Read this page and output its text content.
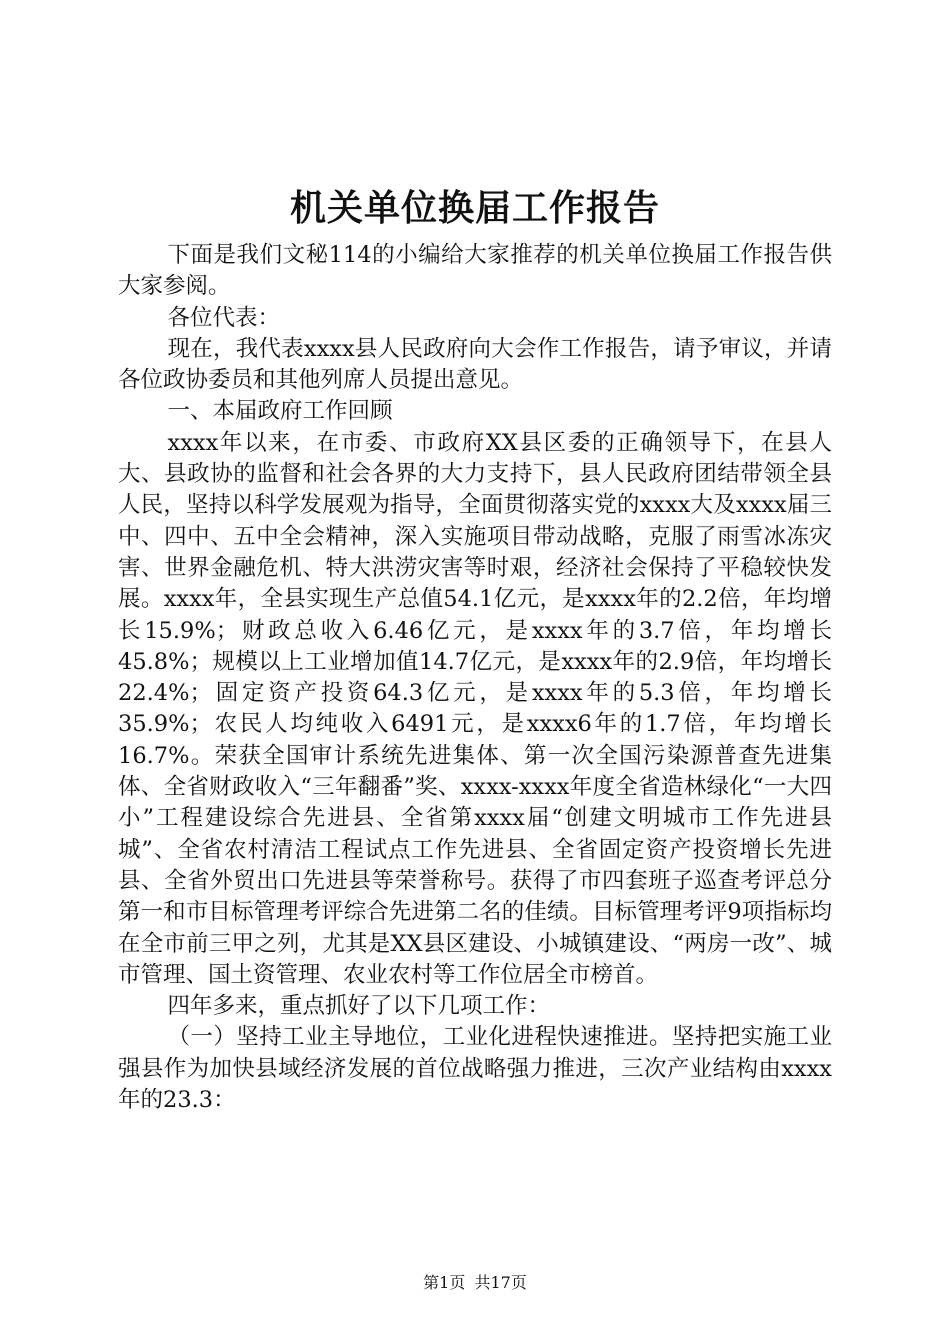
机关单位换届工作报告

下面是我们文秘114的小编给大家推荐的机关单位换届工作报告供大家参阅。

各位代表：

现在，我代表xxxx县人民政府向大会作工作报告，请予审议，并请各位政协委员和其他列席人员提出意见。

一、本届政府工作回顾

xxxx年以来，在市委、市政府XX县区委的正确领导下，在县人大、县政协的监督和社会各界的大力支持下，县人民政府团结带领全县人民，坚持以科学发展观为指导，全面贯彻落实党的xxxx大及xxxx届三中、四中、五中全会精神，深入实施项目带动战略，克服了雨雪冰冻灾害、世界金融危机、特大洪涝灾害等时艰，经济社会保持了平稳较快发展。xxxx年，全县实现生产总值54.1亿元，是xxxx年的2.2倍，年均增长15.9%；财政总收入6.46亿元，是xxxx年的3.7倍，年均增长45.8%；规模以上工业增加值14.7亿元，是xxxx年的2.9倍，年均增长22.4%；固定资产投资64.3亿元，是xxxx年的5.3倍，年均增长35.9%；农民人均纯收入6491元，是xxxx6年的1.7倍，年均增长16.7%。荣获全国审计系统先进集体、第一次全国污染源普查先进集体、全省财政收入“三年翻番”奖、xxxx-xxxx年度全省造林绿化“一大四小”工程建设综合先进县、全省第xxxx届“创建文明城市工作先进县城”、全省农村清洁工程试点工作先进县、全省固定资产投资增长先进县、全省外贸出口先进县等荣誉称号。获得了市四套班子巡查考评总分第一和市目标管理考评综合先进第二名的佳绩。目标管理考评9项指标均在全市前三甲之列，尤其是XX县区建设、小城镇建设、“两房一改”、城市管理、国土资管理、农业农村等工作位居全市榜首。

四年多来，重点抓好了以下几项工作：

（一）坚持工业主导地位，工业化进程快速推进。坚持把实施工业强县作为加快县域经济发展的首位战略强力推进，三次产业结构由xxxx年的23.3：

第1页 共17页
